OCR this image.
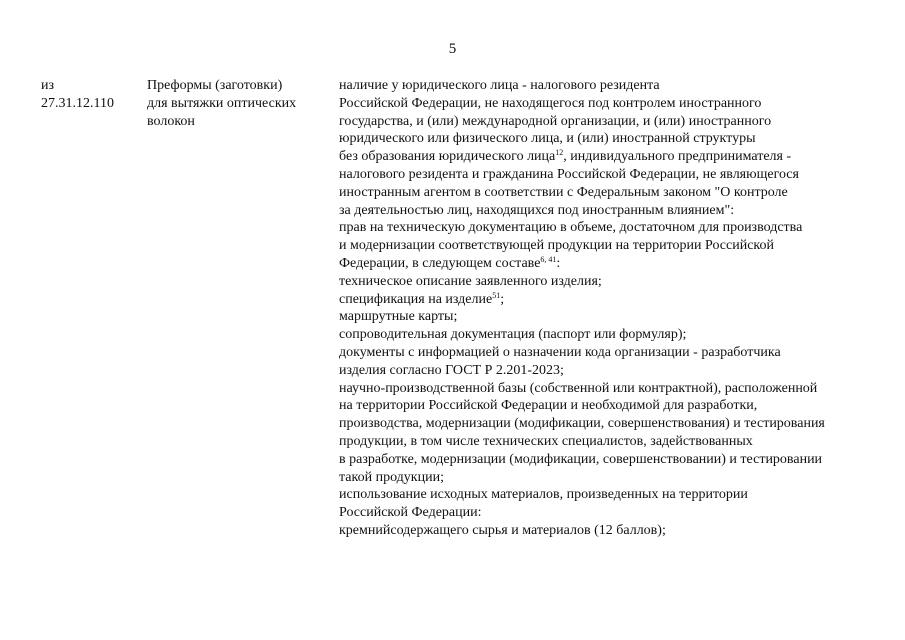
5
из
27.31.12.110
Преформы (заготовки)
для вытяжки оптических
волокон
наличие у юридического лица - налогового резидента
Российской Федерации, не находящегося под контролем иностранного
государства, и (или) международной организации, и (или) иностранного
юридического или физического лица, и (или) иностранной структуры
без образования юридического лица$^{12}$, индивидуального предпринимателя -
налогового резидента и гражданина Российской Федерации, не являющегося
иностранным агентом в соответствии с Федеральным законом "О контроле
за деятельностью лиц, находящихся под иностранным влиянием":
прав на техническую документацию в объеме, достаточном для производства
и модернизации соответствующей продукции на территории Российской
Федерации, в следующем составе$^{6, 41}$:
техническое описание заявленного изделия;
спецификация на изделие$^{51}$;
маршрутные карты;
сопроводительная документация (паспорт или формуляр);
документы с информацией о назначении кода организации - разработчика
изделия согласно ГОСТ Р 2.201-2023;
научно-производственной базы (собственной или контрактной), расположенной
на территории Российской Федерации и необходимой для разработки,
производства, модернизации (модификации, совершенствования) и тестирования
продукции, в том числе технических специалистов, задействованных
в разработке, модернизации (модификации, совершенствовании) и тестировании
такой продукции;
использование исходных материалов, произведенных на территории
Российской Федерации:
кремнийсодержащего сырья и материалов (12 баллов);
